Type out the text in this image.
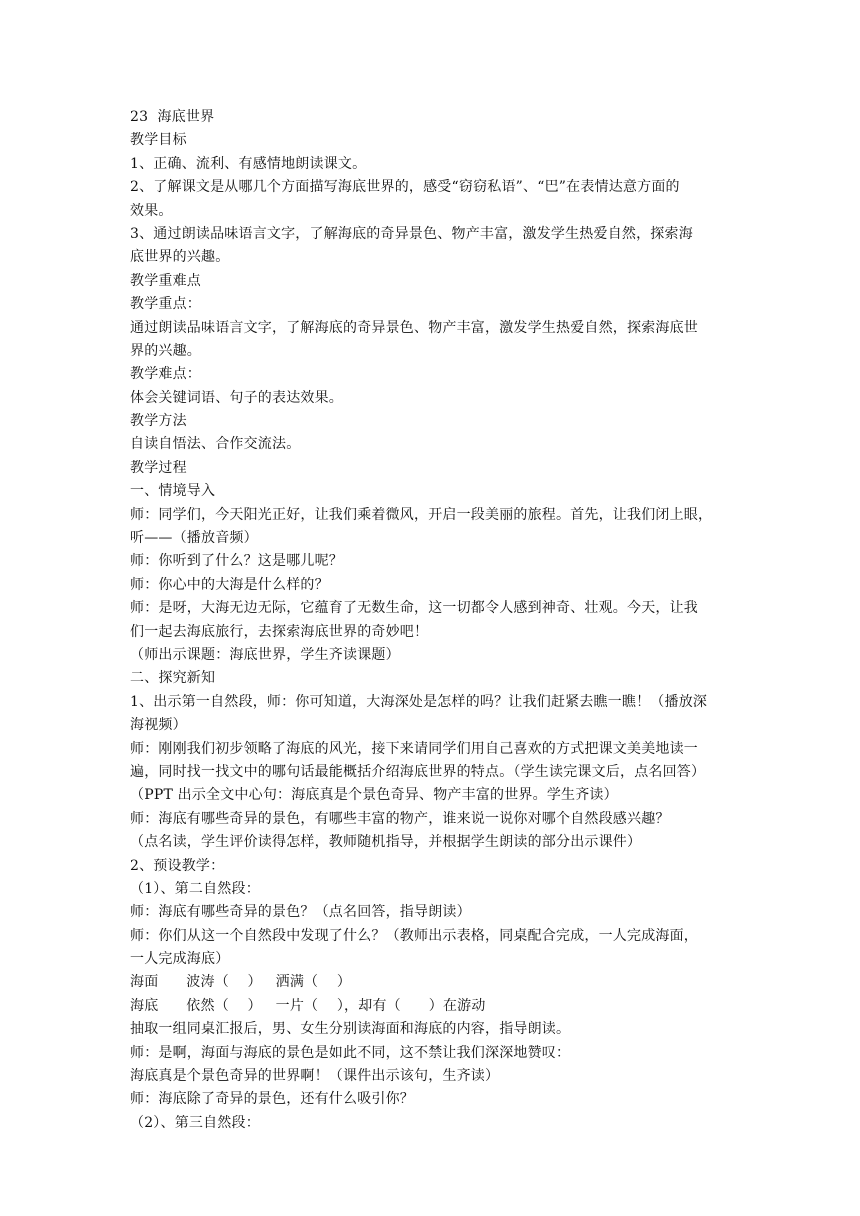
23  海底世界
教学目标
1、正确、流利、有感情地朗读课文。
2、了解课文是从哪几个方面描写海底世界的，感受“窃窃私语”、“巴”在表情达意方面的
效果。
3、通过朗读品味语言文字，了解海底的奇异景色、物产丰富，激发学生热爱自然，探索海
底世界的兴趣。
教学重难点
教学重点：
通过朗读品味语言文字，了解海底的奇异景色、物产丰富，激发学生热爱自然，探索海底世
界的兴趣。
教学难点：
体会关键词语、句子的表达效果。
教学方法
自读自悟法、合作交流法。
教学过程
一、情境导入
师：同学们，今天阳光正好，让我们乘着微风，开启一段美丽的旅程。首先，让我们闭上眼，
听——（播放音频）
师：你听到了什么？这是哪儿呢？
师：你心中的大海是什么样的？
师：是呀，大海无边无际，它蕴育了无数生命，这一切都令人感到神奇、壮观。今天，让我
们一起去海底旅行，去探索海底世界的奇妙吧！
（师出示课题：海底世界，学生齐读课题）
二、探究新知
1、出示第一自然段，师：你可知道，大海深处是怎样的吗？让我们赶紧去瞧一瞧！（播放深
海视频）
师：刚刚我们初步领略了海底的风光，接下来请同学们用自己喜欢的方式把课文美美地读一
遍，同时找一找文中的哪句话最能概括介绍海底世界的特点。（学生读完课文后，点名回答）
（PPT 出示全文中心句：海底真是个景色奇异、物产丰富的世界。学生齐读）
师：海底有哪些奇异的景色，有哪些丰富的物产，谁来说一说你对哪个自然段感兴趣？
（点名读，学生评价读得怎样，教师随机指导，并根据学生朗读的部分出示课件）
2、预设教学：
（1）、第二自然段：
师：海底有哪些奇异的景色？（点名回答，指导朗读）
师：你们从这一个自然段中发现了什么？（教师出示表格，同桌配合完成，一人完成海面，
一人完成海底）
海面      波涛（    ）   洒满（    ）
海底      依然（    ）   一片（    ），却有（      ）在游动
抽取一组同桌汇报后，男、女生分别读海面和海底的内容，指导朗读。
师：是啊，海面与海底的景色是如此不同，这不禁让我们深深地赞叹：
海底真是个景色奇异的世界啊！（课件出示该句，生齐读）
师：海底除了奇异的景色，还有什么吸引你？
（2）、第三自然段：
